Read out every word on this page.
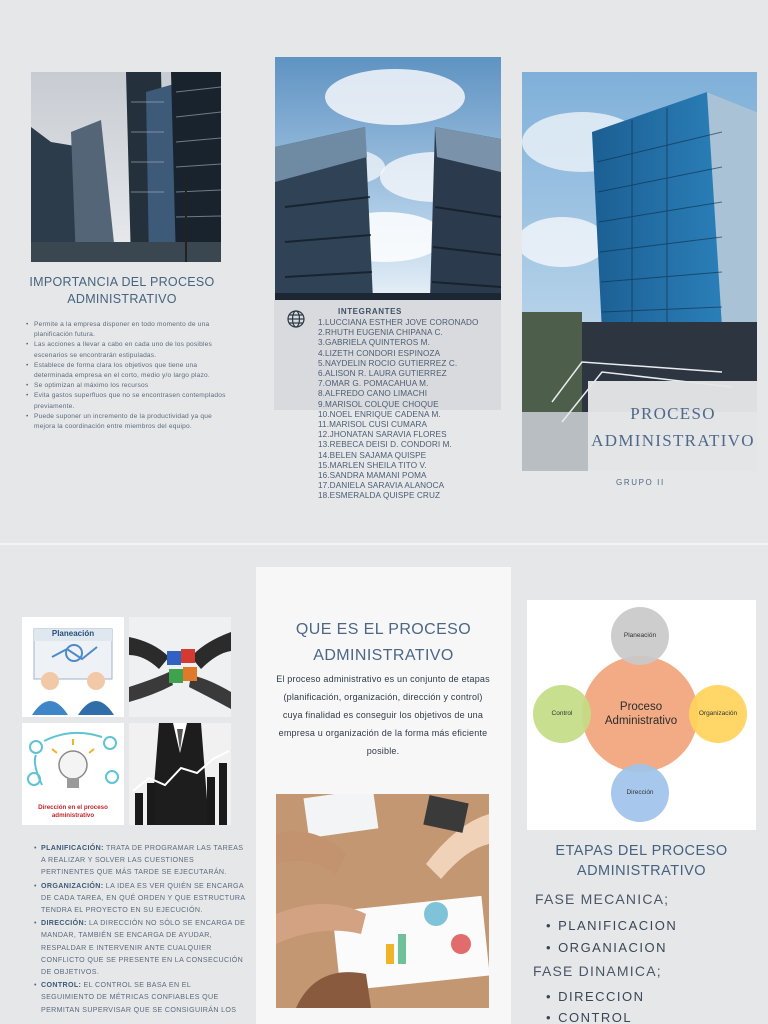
IMPORTANCIA DEL PROCESO
ADMINISTRATIVO
• Permite a la empresa disponer en todo momento de una planificación futura.
• Las acciones a llevar a cabo en cada uno de los posibles escenarios se encontrarán estipuladas.
• Establece de forma clara los objetivos que tiene una determinada empresa en el corto, medio y/o largo plazo.
• Se optimizan al máximo los recursos
• Evita gastos superfluos que no se encontrasen contemplados previamente.
• Puede suponer un incremento de la productividad ya que mejora la coordinación entre miembros del equipo.
INTEGRANTES
1.LUCCIANA ESTHER JOVE CORONADO
2.RHUTH EUGENIA CHIPANA C.
3.GABRIELA QUINTEROS M.
4.LIZETH CONDORI ESPINOZA
5.NAYDELIN ROCIO GUTIERREZ C.
6.ALISON R. LAURA GUTIERREZ
7.OMAR G. POMACAHUA M.
8.ALFREDO CANO LIMACHI
9.MARISOL COLQUE CHOQUE
10.NOEL ENRIQUE CADENA M.
11.MARISOL CUSI CUMARA
12.JHONATAN SARAVIA FLORES
13.REBECA DEISI D. CONDORI M.
14.BELEN SAJAMA QUISPE
15.MARLEN SHEILA TITO V.
16.SANDRA MAMANI POMA
17.DANIELA SARAVIA ALANOCA
18.ESMERALDA QUISPE CRUZ
PROCESO
ADMINISTRATIVO
GRUPO II
Planeación
Dirección en el proceso
administrativo
• PLANIFICACIÓN: TRATA DE PROGRAMAR LAS TAREAS A REALIZAR Y SOLVER LAS CUESTIONES PERTINENTES QUE MÁS TARDE SE EJECUTARÁN.
• ORGANIZACIÓN: LA IDEA ES VER QUIÉN SE ENCARGA DE CADA TAREA, EN QUÉ ORDEN Y QUE ESTRUCTURA TENDRA EL PROYECTO EN SU EJECUCIÓN.
• DIRECCIÓN: LA DIRECCIÓN NO SÓLO SE ENCARGA DE MANDAR, TAMBIÉN SE ENCARGA DE AYUDAR, RESPALDAR E INTERVENIR ANTE CUALQUIER CONFLICTO QUE SE PRESENTE EN LA CONSECUCIÓN DE OBJETIVOS.
• CONTROL: EL CONTROL SE BASA EN EL SEGUIMIENTO DE MÉTRICAS CONFIABLES QUE PERMITAN SUPERVISAR QUE SE CONSIGUIRÁN LOS
QUE ES EL PROCESO
ADMINISTRATIVO
El proceso administrativo es un conjunto de etapas (planificación, organización, dirección y control) cuya finalidad es conseguir los objetivos de una empresa u organización de la forma más eficiente posible.
Proceso
Administrativo
Planeación
Organización
Dirección
Control
ETAPAS DEL PROCESO
ADMINISTRATIVO
FASE MECANICA;
• PLANIFICACION
• ORGANIACION
FASE DINAMICA;
• DIRECCION
• CONTROL
